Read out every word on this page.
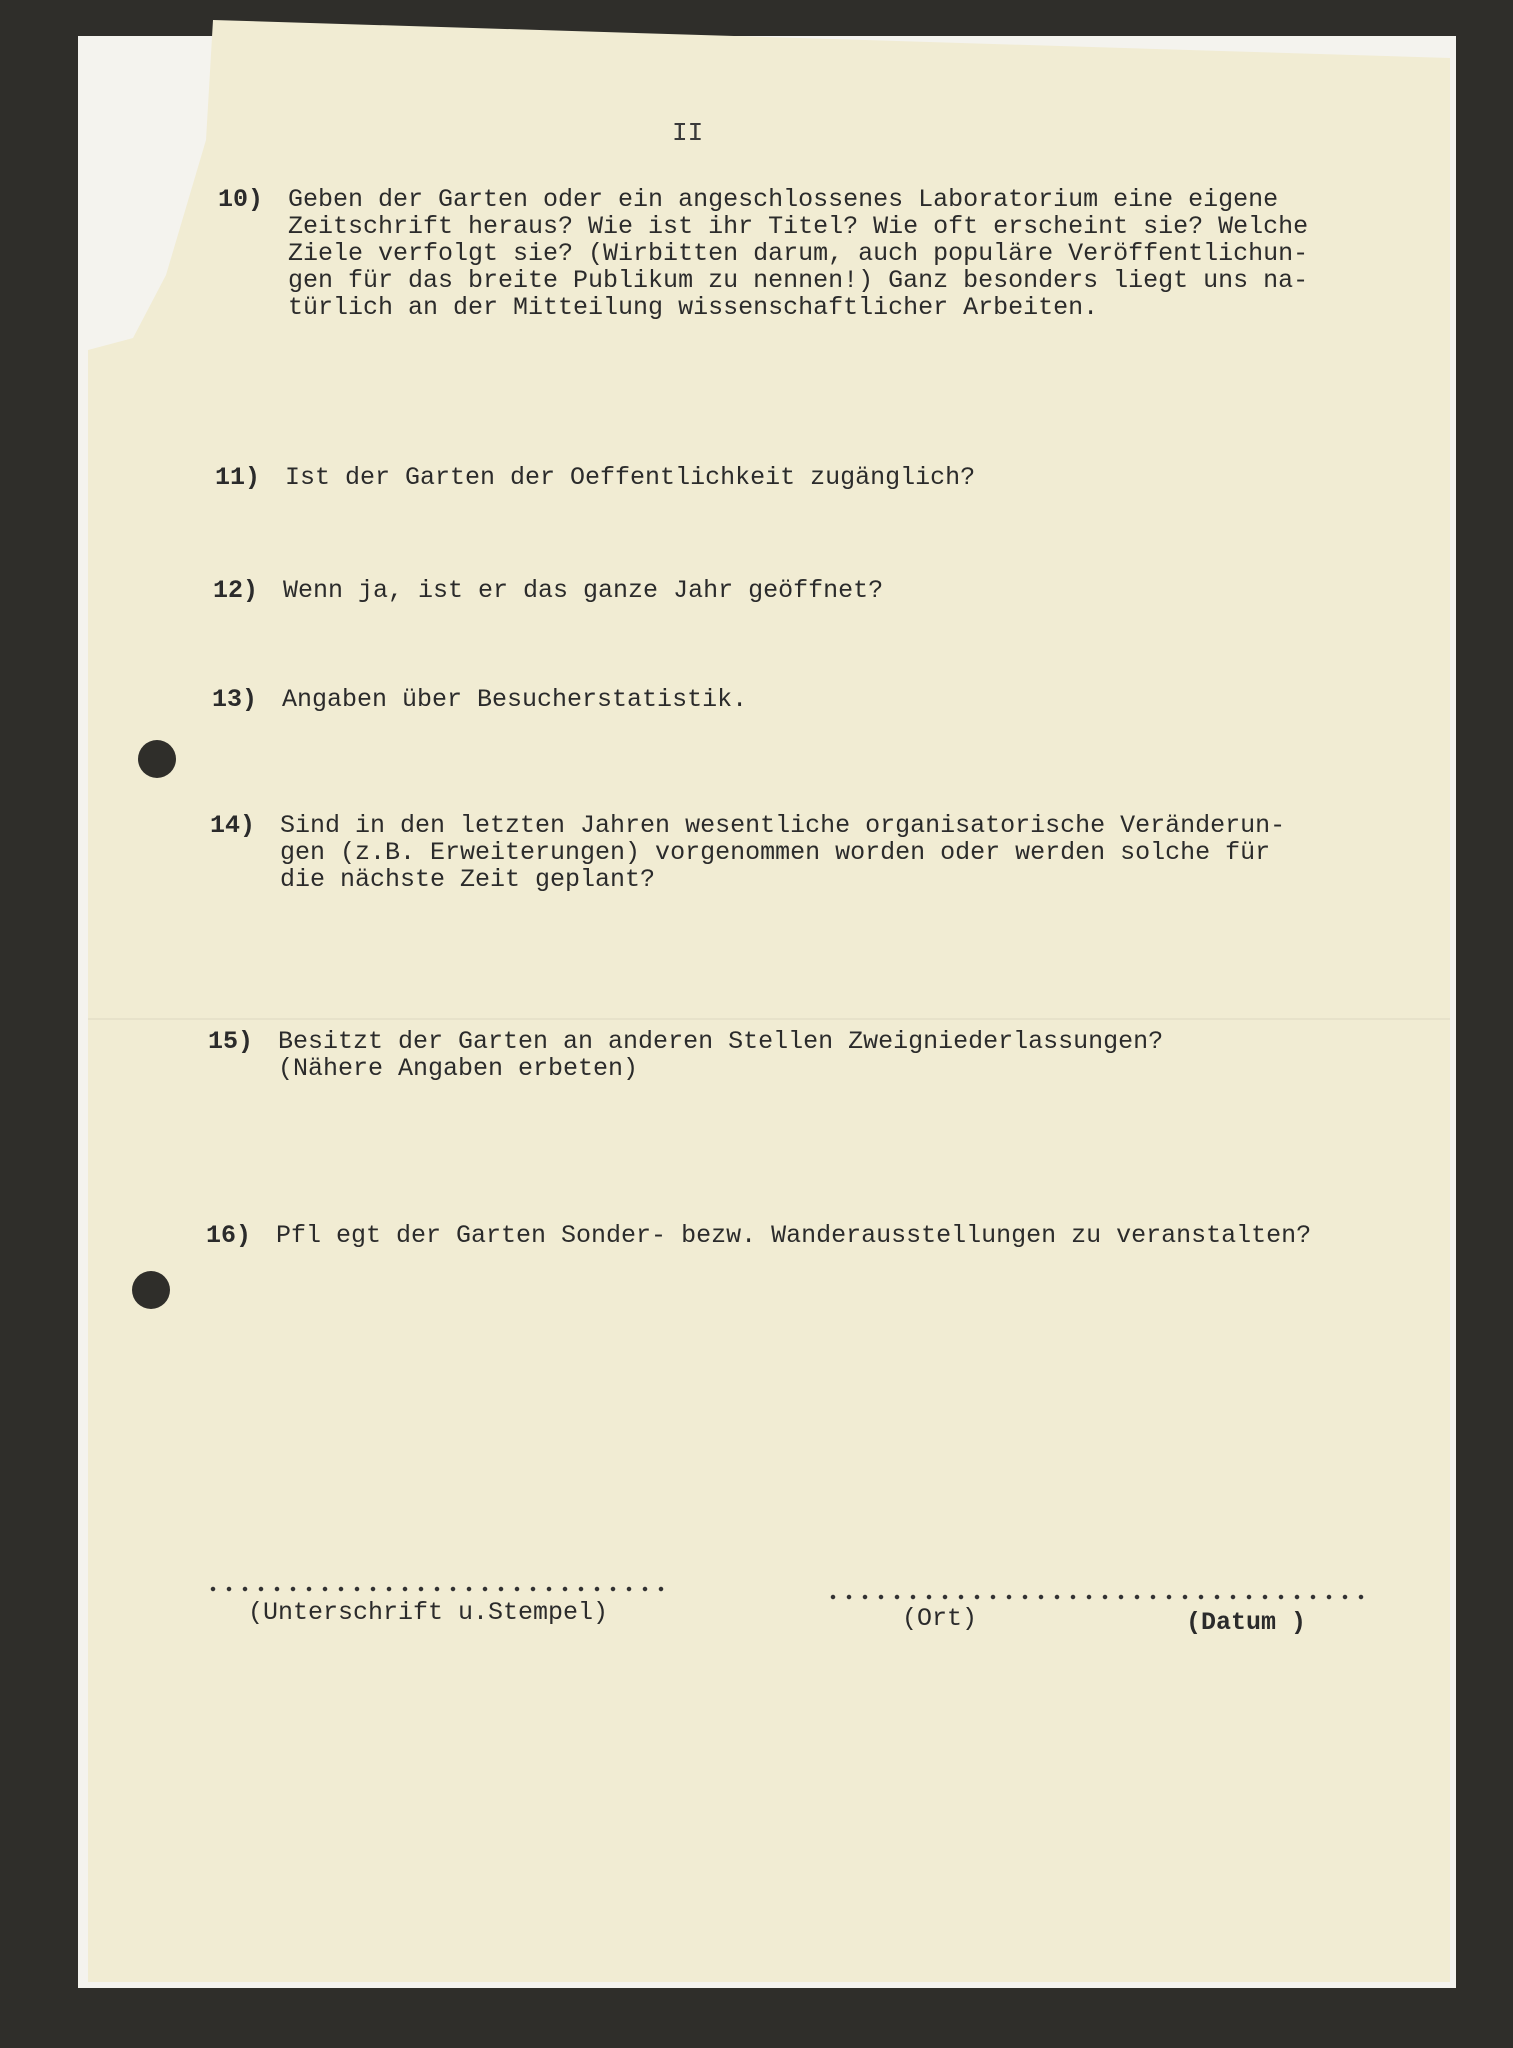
II
10) Geben der Garten oder ein angeschlossenes Laboratorium eine eigene
Zeitschrift heraus? Wie ist ihr Titel? Wie oft erscheint sie? Welche
Ziele verfolgt sie? (Wirbitten darum, auch populäre Veröffentlichun-
gen für das breite Publikum zu nennen!) Ganz besonders liegt uns na-
türlich an der Mitteilung wissenschaftlicher Arbeiten.
11) Ist der Garten der Oeffentlichkeit zugänglich?
12) Wenn ja, ist er das ganze Jahr geöffnet?
13) Angaben über Besucherstatistik.
14) Sind in den letzten Jahren wesentliche organisatorische Veränderun-
gen (z.B. Erweiterungen) vorgenommen worden oder werden solche für
die nächste Zeit geplant?
15) Besitzt der Garten an anderen Stellen Zweigniederlassungen?
(Nähere Angaben erbeten)
16) Pfl egt der Garten Sonder- bezw. Wanderausstellungen zu veranstalten?
(Unterschrift u.Stempel)	(Ort)	(Datum )
